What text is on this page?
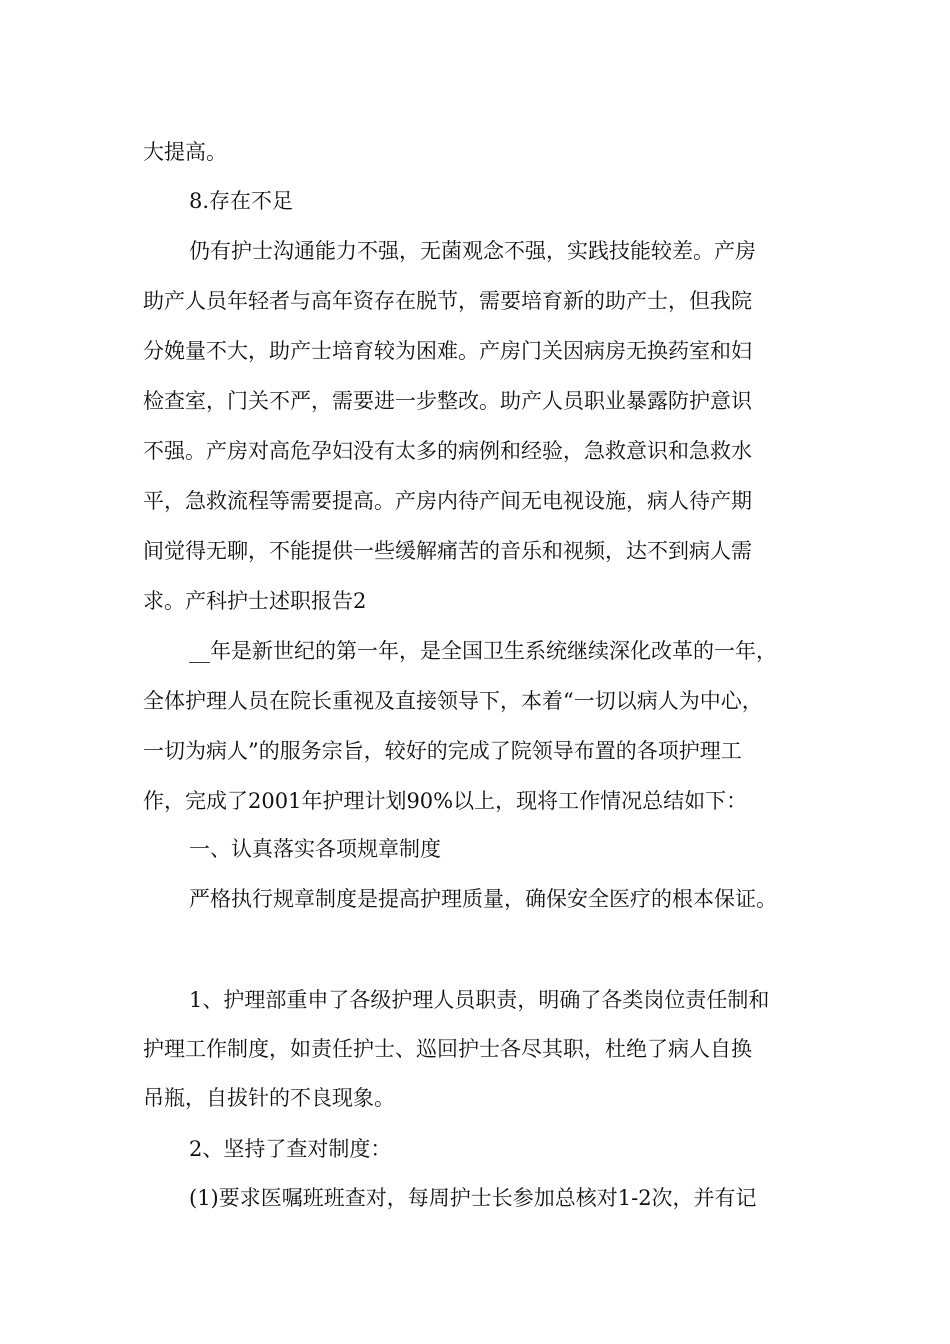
大提高。
8.存在不足
仍有护士沟通能力不强，无菌观念不强，实践技能较差。产房
助产人员年轻者与高年资存在脱节，需要培育新的助产士，但我院
分娩量不大，助产士培育较为困难。产房门关因病房无换药室和妇
检查室，门关不严，需要进一步整改。助产人员职业暴露防护意识
不强。产房对高危孕妇没有太多的病例和经验，急救意识和急救水
平，急救流程等需要提高。产房内待产间无电视设施，病人待产期
间觉得无聊，不能提供一些缓解痛苦的音乐和视频，达不到病人需
求。产科护士述职报告2
__年是新世纪的第一年，是全国卫生系统继续深化改革的一年，
全体护理人员在院长重视及直接领导下，本着“一切以病人为中心，
一切为病人”的服务宗旨，较好的完成了院领导布置的各项护理工
作，完成了2001年护理计划90%以上，现将工作情况总结如下：
一、认真落实各项规章制度
严格执行规章制度是提高护理质量，确保安全医疗的根本保证。
1、护理部重申了各级护理人员职责，明确了各类岗位责任制和
护理工作制度，如责任护士、巡回护士各尽其职，杜绝了病人自换
吊瓶，自拔针的不良现象。
2、坚持了查对制度：
(1)要求医嘱班班查对，每周护士长参加总核对1-2次，并有记
